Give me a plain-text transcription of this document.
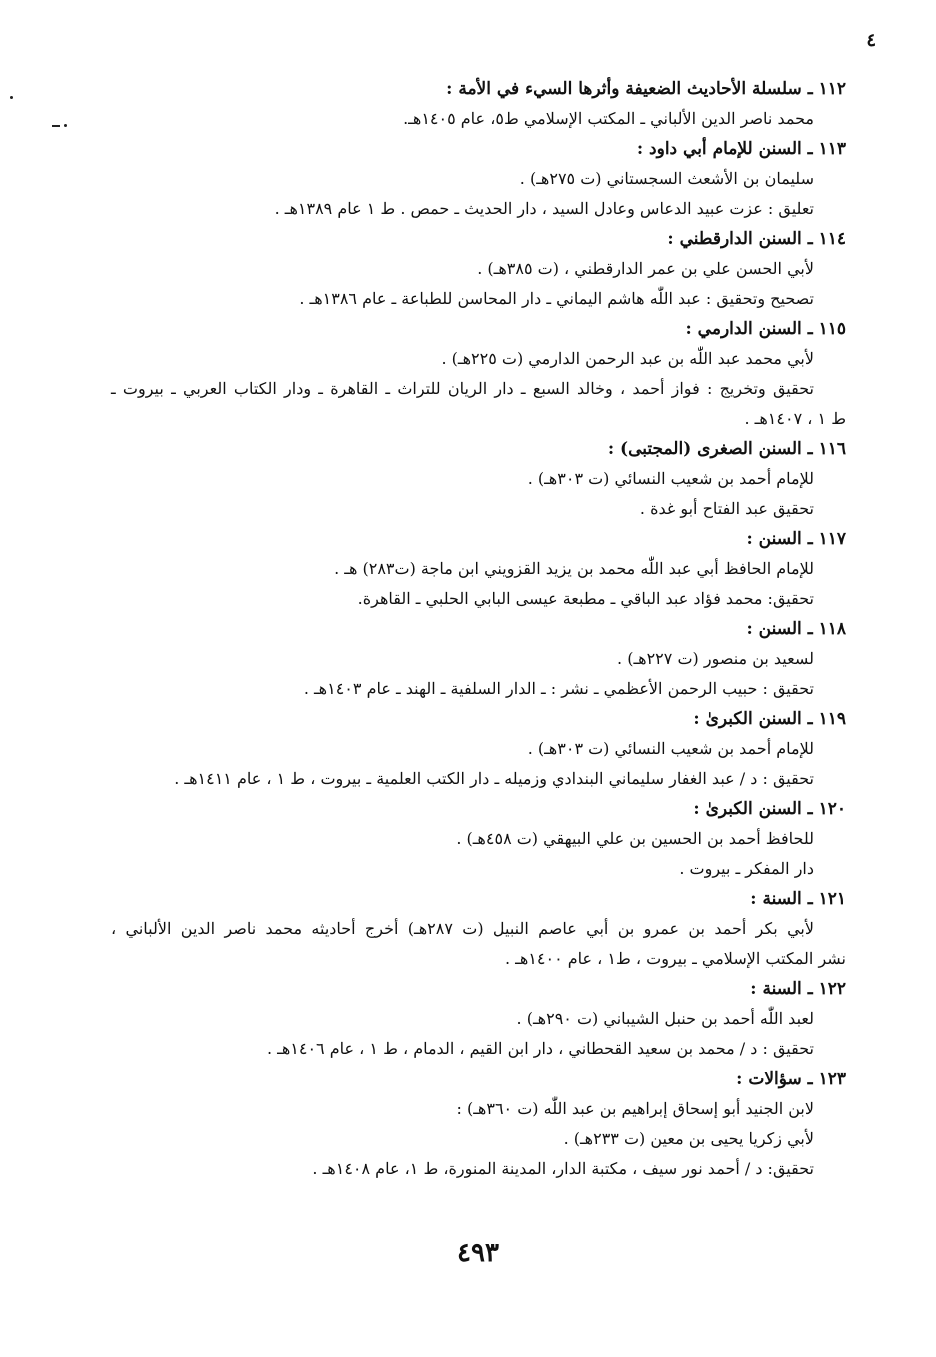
٤
١١٢ ـ سلسلة الأحاديث الضعيفة وأثرها السيء في الأمة :
محمد ناصر الدين الألباني ـ المكتب الإسلامي ط٥، عام ١٤٠٥هـ.
١١٣ ـ السنن للإمام أبي داود :
سليمان بن الأشعث السجستاني (ت ٢٧٥هـ) .
تعليق : عزت عبيد الدعاس وعادل السيد ، دار الحديث ـ حمص . ط ١ عام ١٣٨٩هـ .
١١٤ ـ السنن الدارقطني :
لأبي الحسن علي بن عمر الدارقطني ، (ت ٣٨٥هـ) .
تصحيح وتحقيق : عبد اللّٰه هاشم اليماني ـ دار المحاسن للطباعة ـ عام ١٣٨٦هـ .
١١٥ ـ السنن الدارمي :
لأبي محمد عبد اللّٰه بن عبد الرحمن الدارمي (ت ٢٢٥هـ) .
تحقيق وتخريج : فواز أحمد ، وخالد السبع ـ دار الريان للتراث ـ القاهرة ـ ودار الكتاب العربي ـ بيروت ـ
ط ١ ، ١٤٠٧هـ .
١١٦ ـ السنن الصغرى (المجتبى) :
للإمام أحمد بن شعيب النسائي (ت ٣٠٣هـ) .
تحقيق عبد الفتاح أبو غدة .
١١٧ ـ السنن :
للإمام الحافظ أبي عبد اللّٰه محمد بن يزيد القزويني ابن ماجة (ت٢٨٣) هـ .
تحقيق: محمد فؤاد عبد الباقي ـ مطبعة عيسى البابي الحلبي ـ القاهرة.
١١٨ ـ السنن :
لسعيد بن منصور (ت ٢٢٧هـ) .
تحقيق : حبيب الرحمن الأعظمي ـ نشر : ـ الدار السلفية ـ الهند ـ عام ١٤٠٣هـ .
١١٩ ـ السنن الكبرىٰ :
للإمام أحمد بن شعيب النسائي (ت ٣٠٣هـ) .
تحقيق : د / عبد الغفار سليماني البندادي وزميله ـ دار الكتب العلمية ـ بيروت ، ط ١ ، عام ١٤١١هـ .
١٢٠ ـ السنن الكبرىٰ :
للحافظ أحمد بن الحسين بن علي البيهقي (ت ٤٥٨هـ) .
دار المفكر ـ بيروت .
١٢١ ـ السنة :
لأبي بكر أحمد بن عمرو بن أبي عاصم النبيل (ت ٢٨٧هـ) أخرج أحاديثه محمد ناصر الدين الألباني ،
نشر المكتب الإسلامي ـ بيروت ، ط١ ، عام ١٤٠٠هـ .
١٢٢ ـ السنة :
لعبد اللّٰه أحمد بن حنبل الشيباني (ت ٢٩٠هـ) .
تحقيق : د / محمد بن سعيد القحطاني ، دار ابن القيم ، الدمام ، ط ١ ، عام ١٤٠٦هـ .
١٢٣ ـ سؤالات :
لابن الجنيد أبو إسحاق إبراهيم بن عبد اللّٰه (ت ٣٦٠هـ) :
لأبي زكريا يحيى بن معين (ت ٢٣٣هـ) .
تحقيق: د / أحمد نور سيف ، مكتبة الدار، المدينة المنورة، ط ١، عام ١٤٠٨هـ .
٤٩٣
